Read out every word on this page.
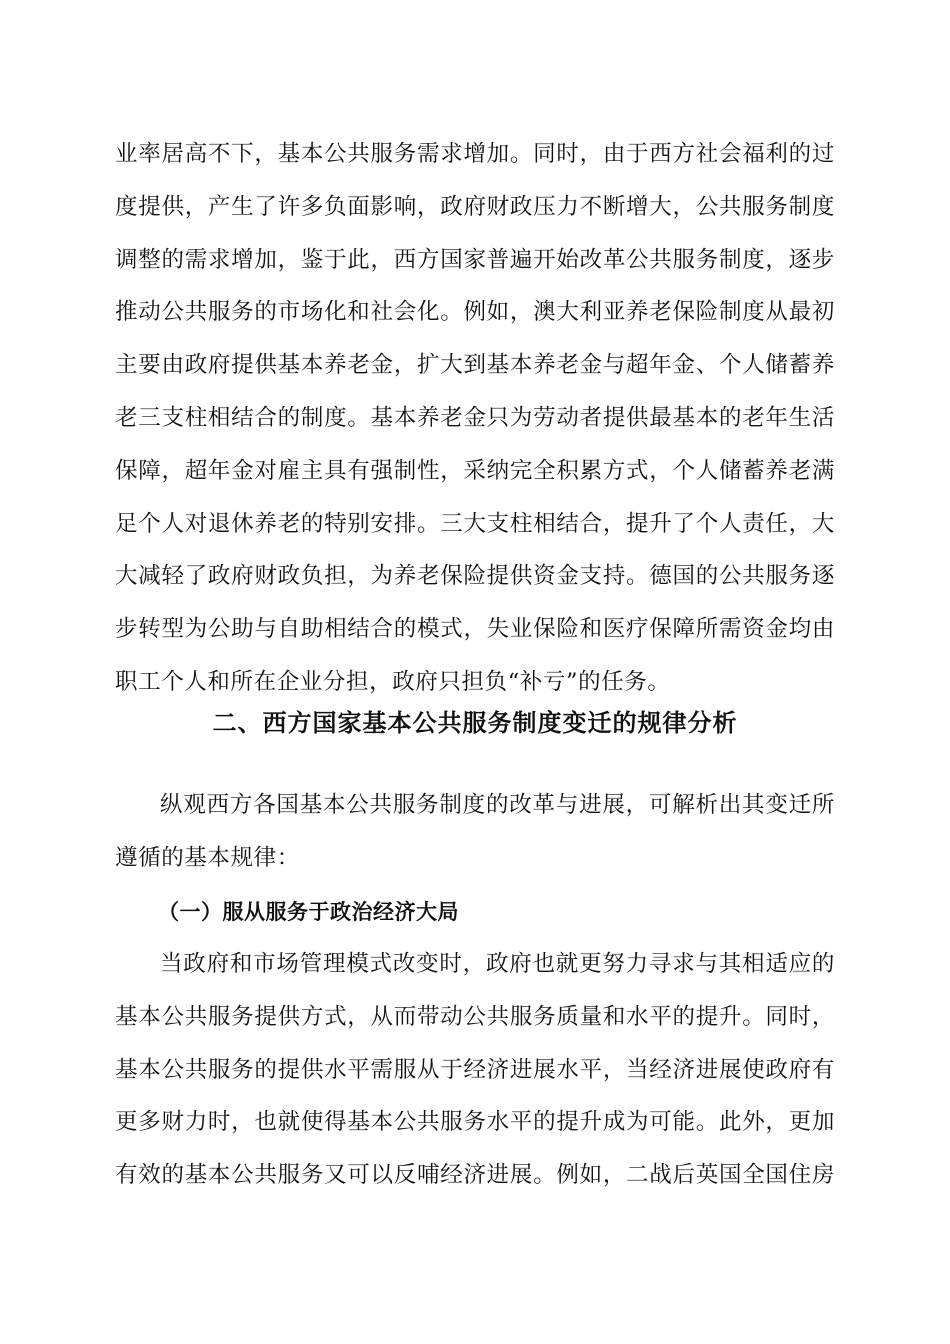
业率居高不下，基本公共服务需求增加。同时，由于西方社会福利的过
度提供，产生了许多负面影响，政府财政压力不断增大，公共服务制度
调整的需求增加，鉴于此，西方国家普遍开始改革公共服务制度，逐步
推动公共服务的市场化和社会化。例如，澳大利亚养老保险制度从最初
主要由政府提供基本养老金，扩大到基本养老金与超年金、个人储蓄养
老三支柱相结合的制度。基本养老金只为劳动者提供最基本的老年生活
保障，超年金对雇主具有强制性，采纳完全积累方式，个人储蓄养老满
足个人对退休养老的特别安排。三大支柱相结合，提升了个人责任，大
大减轻了政府财政负担，为养老保险提供资金支持。德国的公共服务逐
步转型为公助与自助相结合的模式，失业保险和医疗保障所需资金均由
职工个人和所在企业分担，政府只担负“补亏”的任务。
二、西方国家基本公共服务制度变迁的规律分析
纵观西方各国基本公共服务制度的改革与进展，可解析出其变迁所
遵循的基本规律：
（一）服从服务于政治经济大局
当政府和市场管理模式改变时，政府也就更努力寻求与其相适应的
基本公共服务提供方式，从而带动公共服务质量和水平的提升。同时，
基本公共服务的提供水平需服从于经济进展水平，当经济进展使政府有
更多财力时，也就使得基本公共服务水平的提升成为可能。此外，更加
有效的基本公共服务又可以反哺经济进展。例如，二战后英国全国住房
